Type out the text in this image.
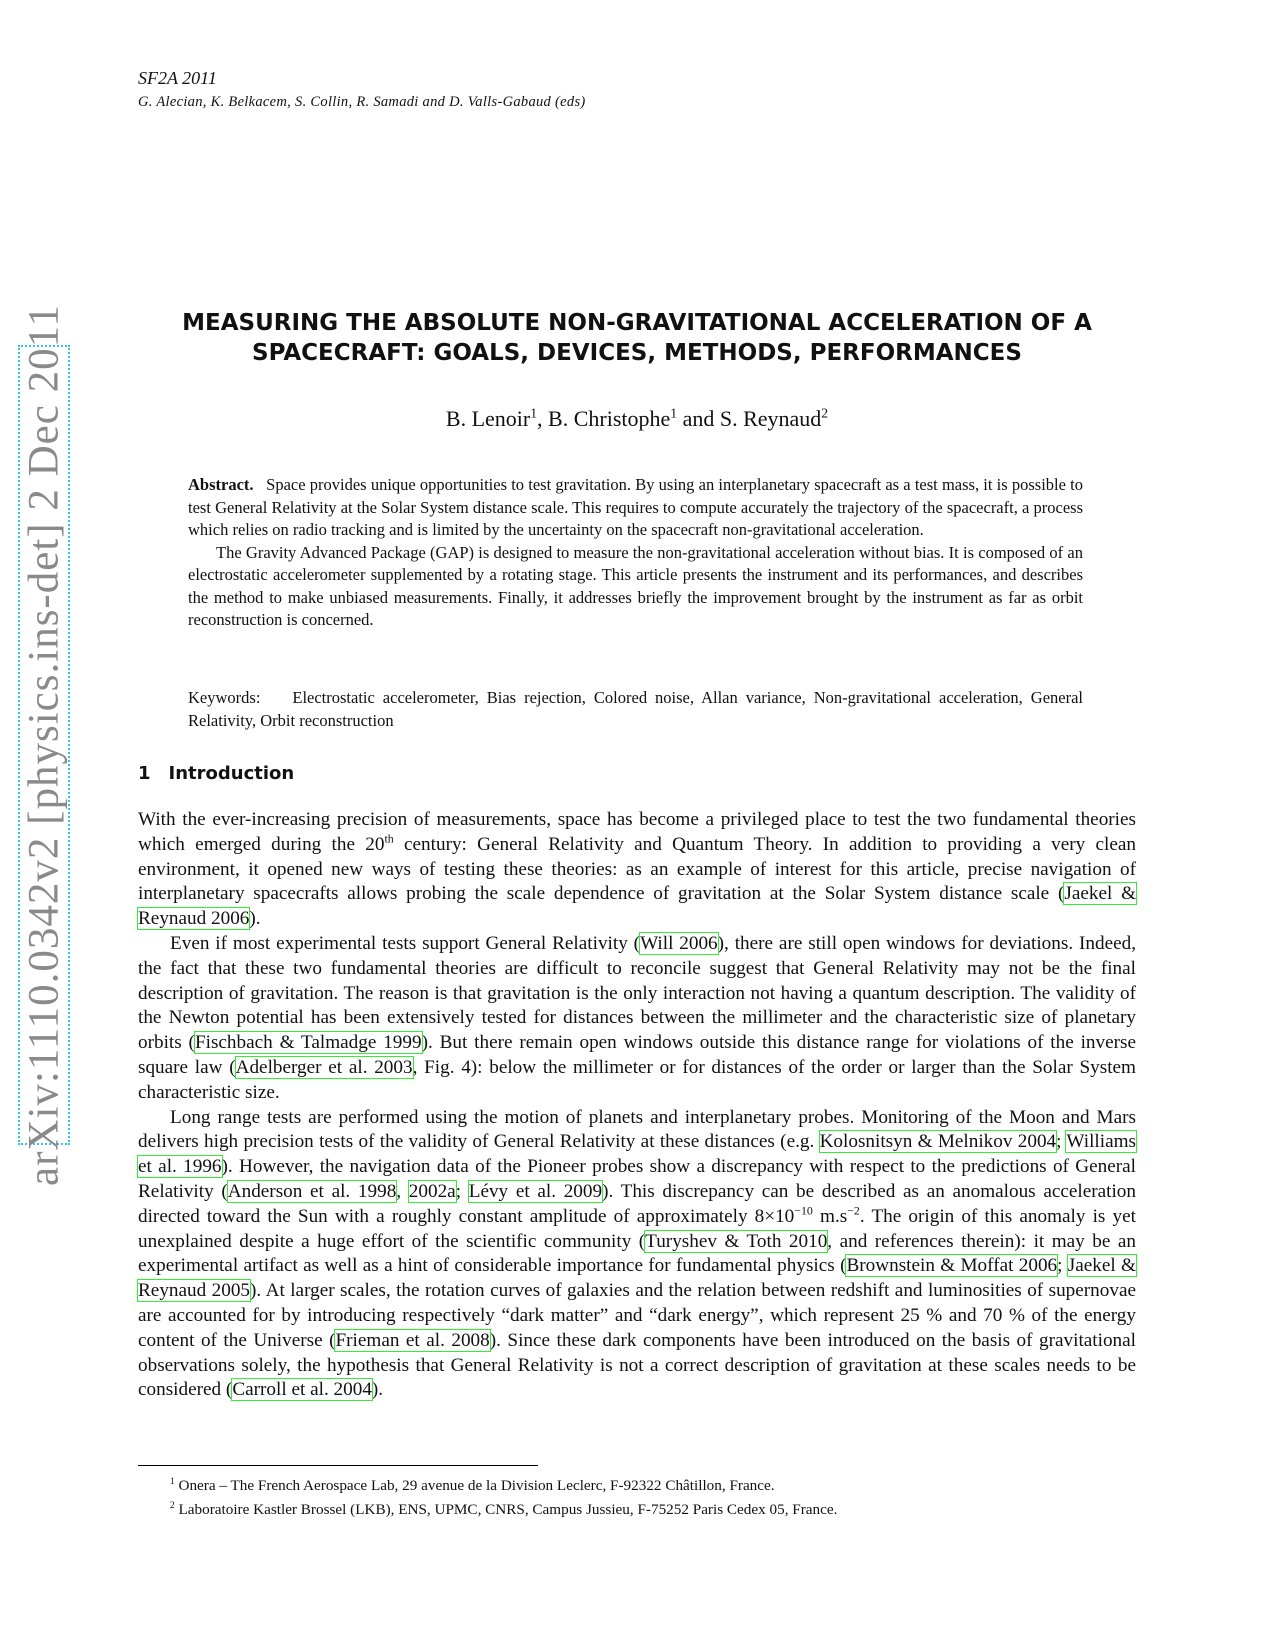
arXiv:1110.0342v2 [physics.ins-det] 2 Dec 2011
SF2A 2011
G. Alecian, K. Belkacem, S. Collin, R. Samadi and D. Valls-Gabaud (eds)
MEASURING THE ABSOLUTE NON-GRAVITATIONAL ACCELERATION OF A
SPACECRAFT: GOALS, DEVICES, METHODS, PERFORMANCES
B. Lenoir$^1$, B. Christophe$^1$ and S. Reynaud$^2$

Abstract. Space provides unique opportunities to test gravitation. By using an interplanetary spacecraft as a test mass, it is possible to test General Relativity at the Solar System distance scale. This requires to compute accurately the trajectory of the spacecraft, a process which relies on radio tracking and is limited by the uncertainty on the spacecraft non-gravitational acceleration.

The Gravity Advanced Package (GAP) is designed to measure the non-gravitational acceleration without bias. It is composed of an electrostatic accelerometer supplemented by a rotating stage. This article presents the instrument and its performances, and describes the method to make unbiased measurements. Finally, it addresses briefly the improvement brought by the instrument as far as orbit reconstruction is concerned.

Keywords: Electrostatic accelerometer, Bias rejection, Colored noise, Allan variance, Non-gravitational acceleration, General Relativity, Orbit reconstruction
1 Introduction

With the ever-increasing precision of measurements, space has become a privileged place to test the two fundamental theories which emerged during the 20th century: General Relativity and Quantum Theory. In addition to providing a very clean environment, it opened new ways of testing these theories: as an example of interest for this article, precise navigation of interplanetary spacecrafts allows probing the scale dependence of gravitation at the Solar System distance scale (Jaekel & Reynaud 2006).

Even if most experimental tests support General Relativity (Will 2006), there are still open windows for deviations. Indeed, the fact that these two fundamental theories are difficult to reconcile suggest that General Relativity may not be the final description of gravitation. The reason is that gravitation is the only interaction not having a quantum description. The validity of the Newton potential has been extensively tested for distances between the millimeter and the characteristic size of planetary orbits (Fischbach & Talmadge 1999). But there remain open windows outside this distance range for violations of the inverse square law (Adelberger et al. 2003, Fig. 4): below the millimeter or for distances of the order or larger than the Solar System characteristic size.

Long range tests are performed using the motion of planets and interplanetary probes. Monitoring of the Moon and Mars delivers high precision tests of the validity of General Relativity at these distances (e.g. Kolosnitsyn & Melnikov 2004; Williams et al. 1996). However, the navigation data of the Pioneer probes show a discrepancy with respect to the predictions of General Relativity (Anderson et al. 1998, 2002a; Lévy et al. 2009). This discrepancy can be described as an anomalous acceleration directed toward the Sun with a roughly constant amplitude of approximately $8\times 10^{-10}$ $m.s^{-2}$. The origin of this anomaly is yet unexplained despite a huge effort of the scientific community (Turyshev & Toth 2010, and references therein): it may be an experimental artifact as well as a hint of considerable importance for fundamental physics (Brownstein & Moffat 2006; Jaekel & Reynaud 2005). At larger scales, the rotation curves of galaxies and the relation between redshift and luminosities of supernovae are accounted for by introducing respectively “dark matter” and “dark energy”, which represent 25 % and 70 % of the energy content of the Universe (Frieman et al. 2008). Since these dark components have been introduced on the basis of gravitational observations solely, the hypothesis that General Relativity is not a correct description of gravitation at these scales needs to be considered (Carroll et al. 2004).

$^1$ Onera – The French Aerospace Lab, 29 avenue de la Division Leclerc, F-92322 Châtillon, France.
$^2$ Laboratoire Kastler Brossel (LKB), ENS, UPMC, CNRS, Campus Jussieu, F-75252 Paris Cedex 05, France.
